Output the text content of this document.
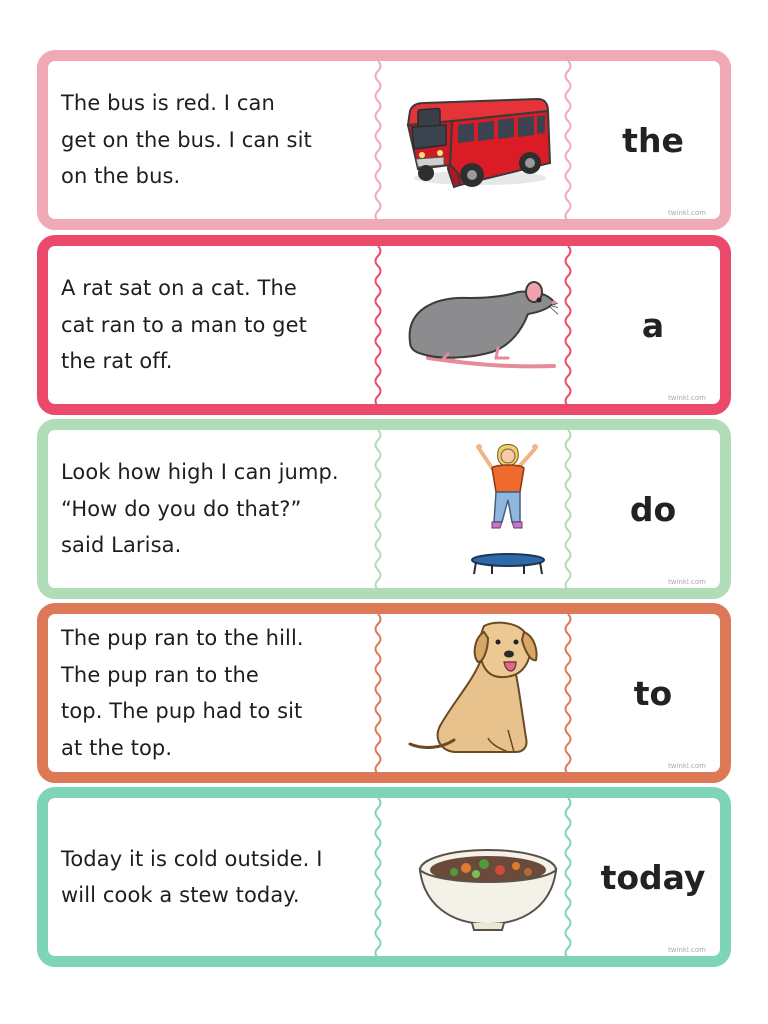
The bus is red. I can
get on the bus. I can sit
on the bus.

the
twinkl.com

A rat sat on a cat. The
cat ran to a man to get
the rat off.

a
twinkl.com

Look how high I can jump.
“How do you do that?”
said Larisa.

do
twinkl.com

The pup ran to the hill.
The pup ran to the
top. The pup had to sit
at the top.

to
twinkl.com

Today it is cold outside. I
will cook a stew today.	today
twinkl.com
